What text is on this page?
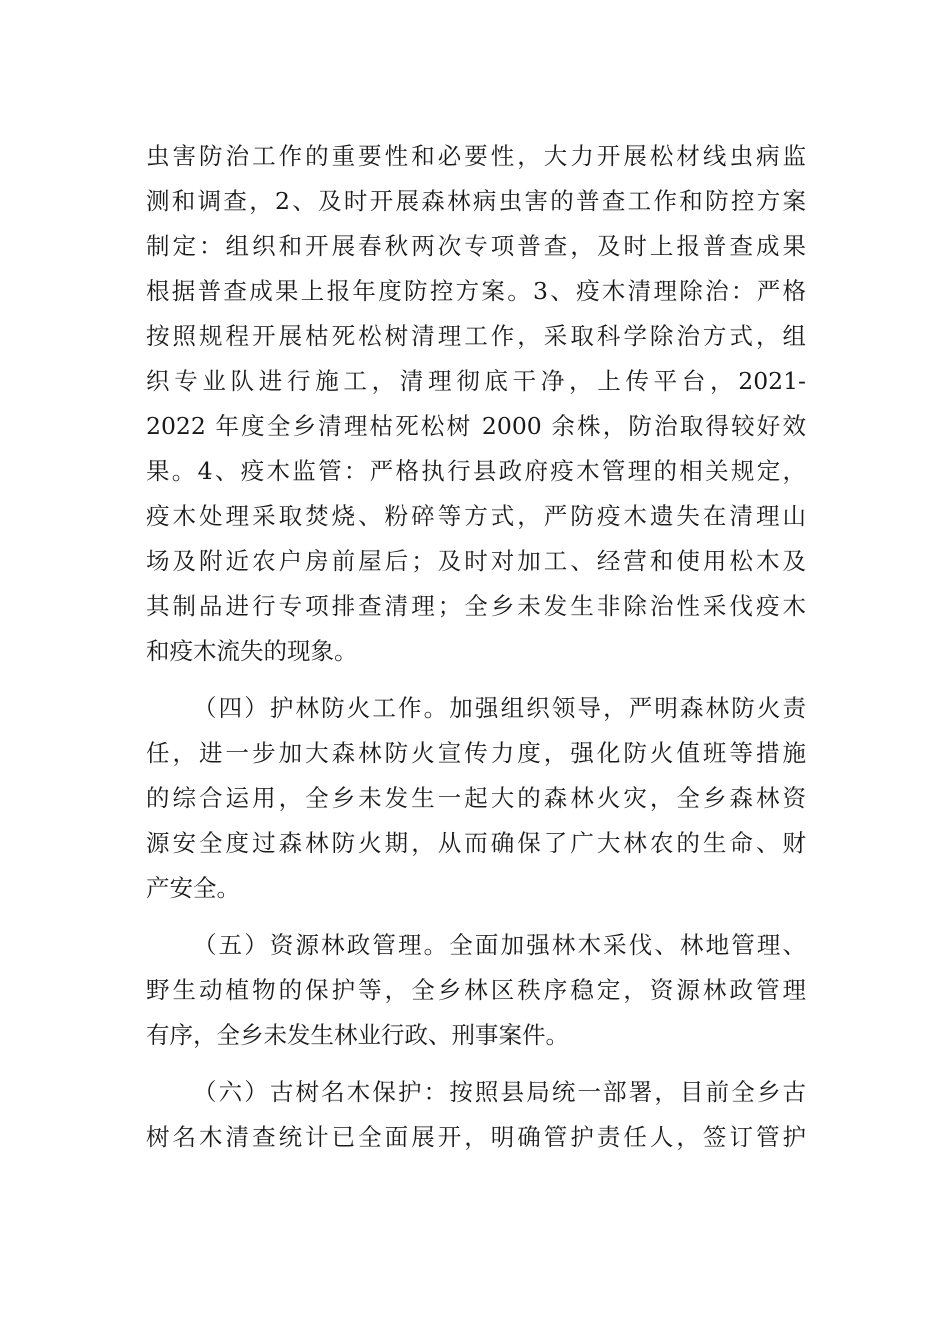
虫害防治工作的重要性和必要性，大力开展松材线虫病监
测和调查，2、及时开展森林病虫害的普查工作和防控方案
制定：组织和开展春秋两次专项普查，及时上报普查成果
根据普查成果上报年度防控方案。3、疫木清理除治：严格
按照规程开展枯死松树清理工作，采取科学除治方式，组
织专业队进行施工，清理彻底干净，上传平台，2021-
2022 年度全乡清理枯死松树 2000 余株，防治取得较好效
果。4、疫木监管：严格执行县政府疫木管理的相关规定，
疫木处理采取焚烧、粉碎等方式，严防疫木遗失在清理山
场及附近农户房前屋后；及时对加工、经营和使用松木及
其制品进行专项排查清理；全乡未发生非除治性采伐疫木
和疫木流失的现象。
（四）护林防火工作。加强组织领导，严明森林防火责
任，进一步加大森林防火宣传力度，强化防火值班等措施
的综合运用，全乡未发生一起大的森林火灾，全乡森林资
源安全度过森林防火期，从而确保了广大林农的生命、财
产安全。
（五）资源林政管理。全面加强林木采伐、林地管理、
野生动植物的保护等，全乡林区秩序稳定，资源林政管理
有序，全乡未发生林业行政、刑事案件。
（六）古树名木保护：按照县局统一部署，目前全乡古
树名木清查统计已全面展开，明确管护责任人，签订管护
